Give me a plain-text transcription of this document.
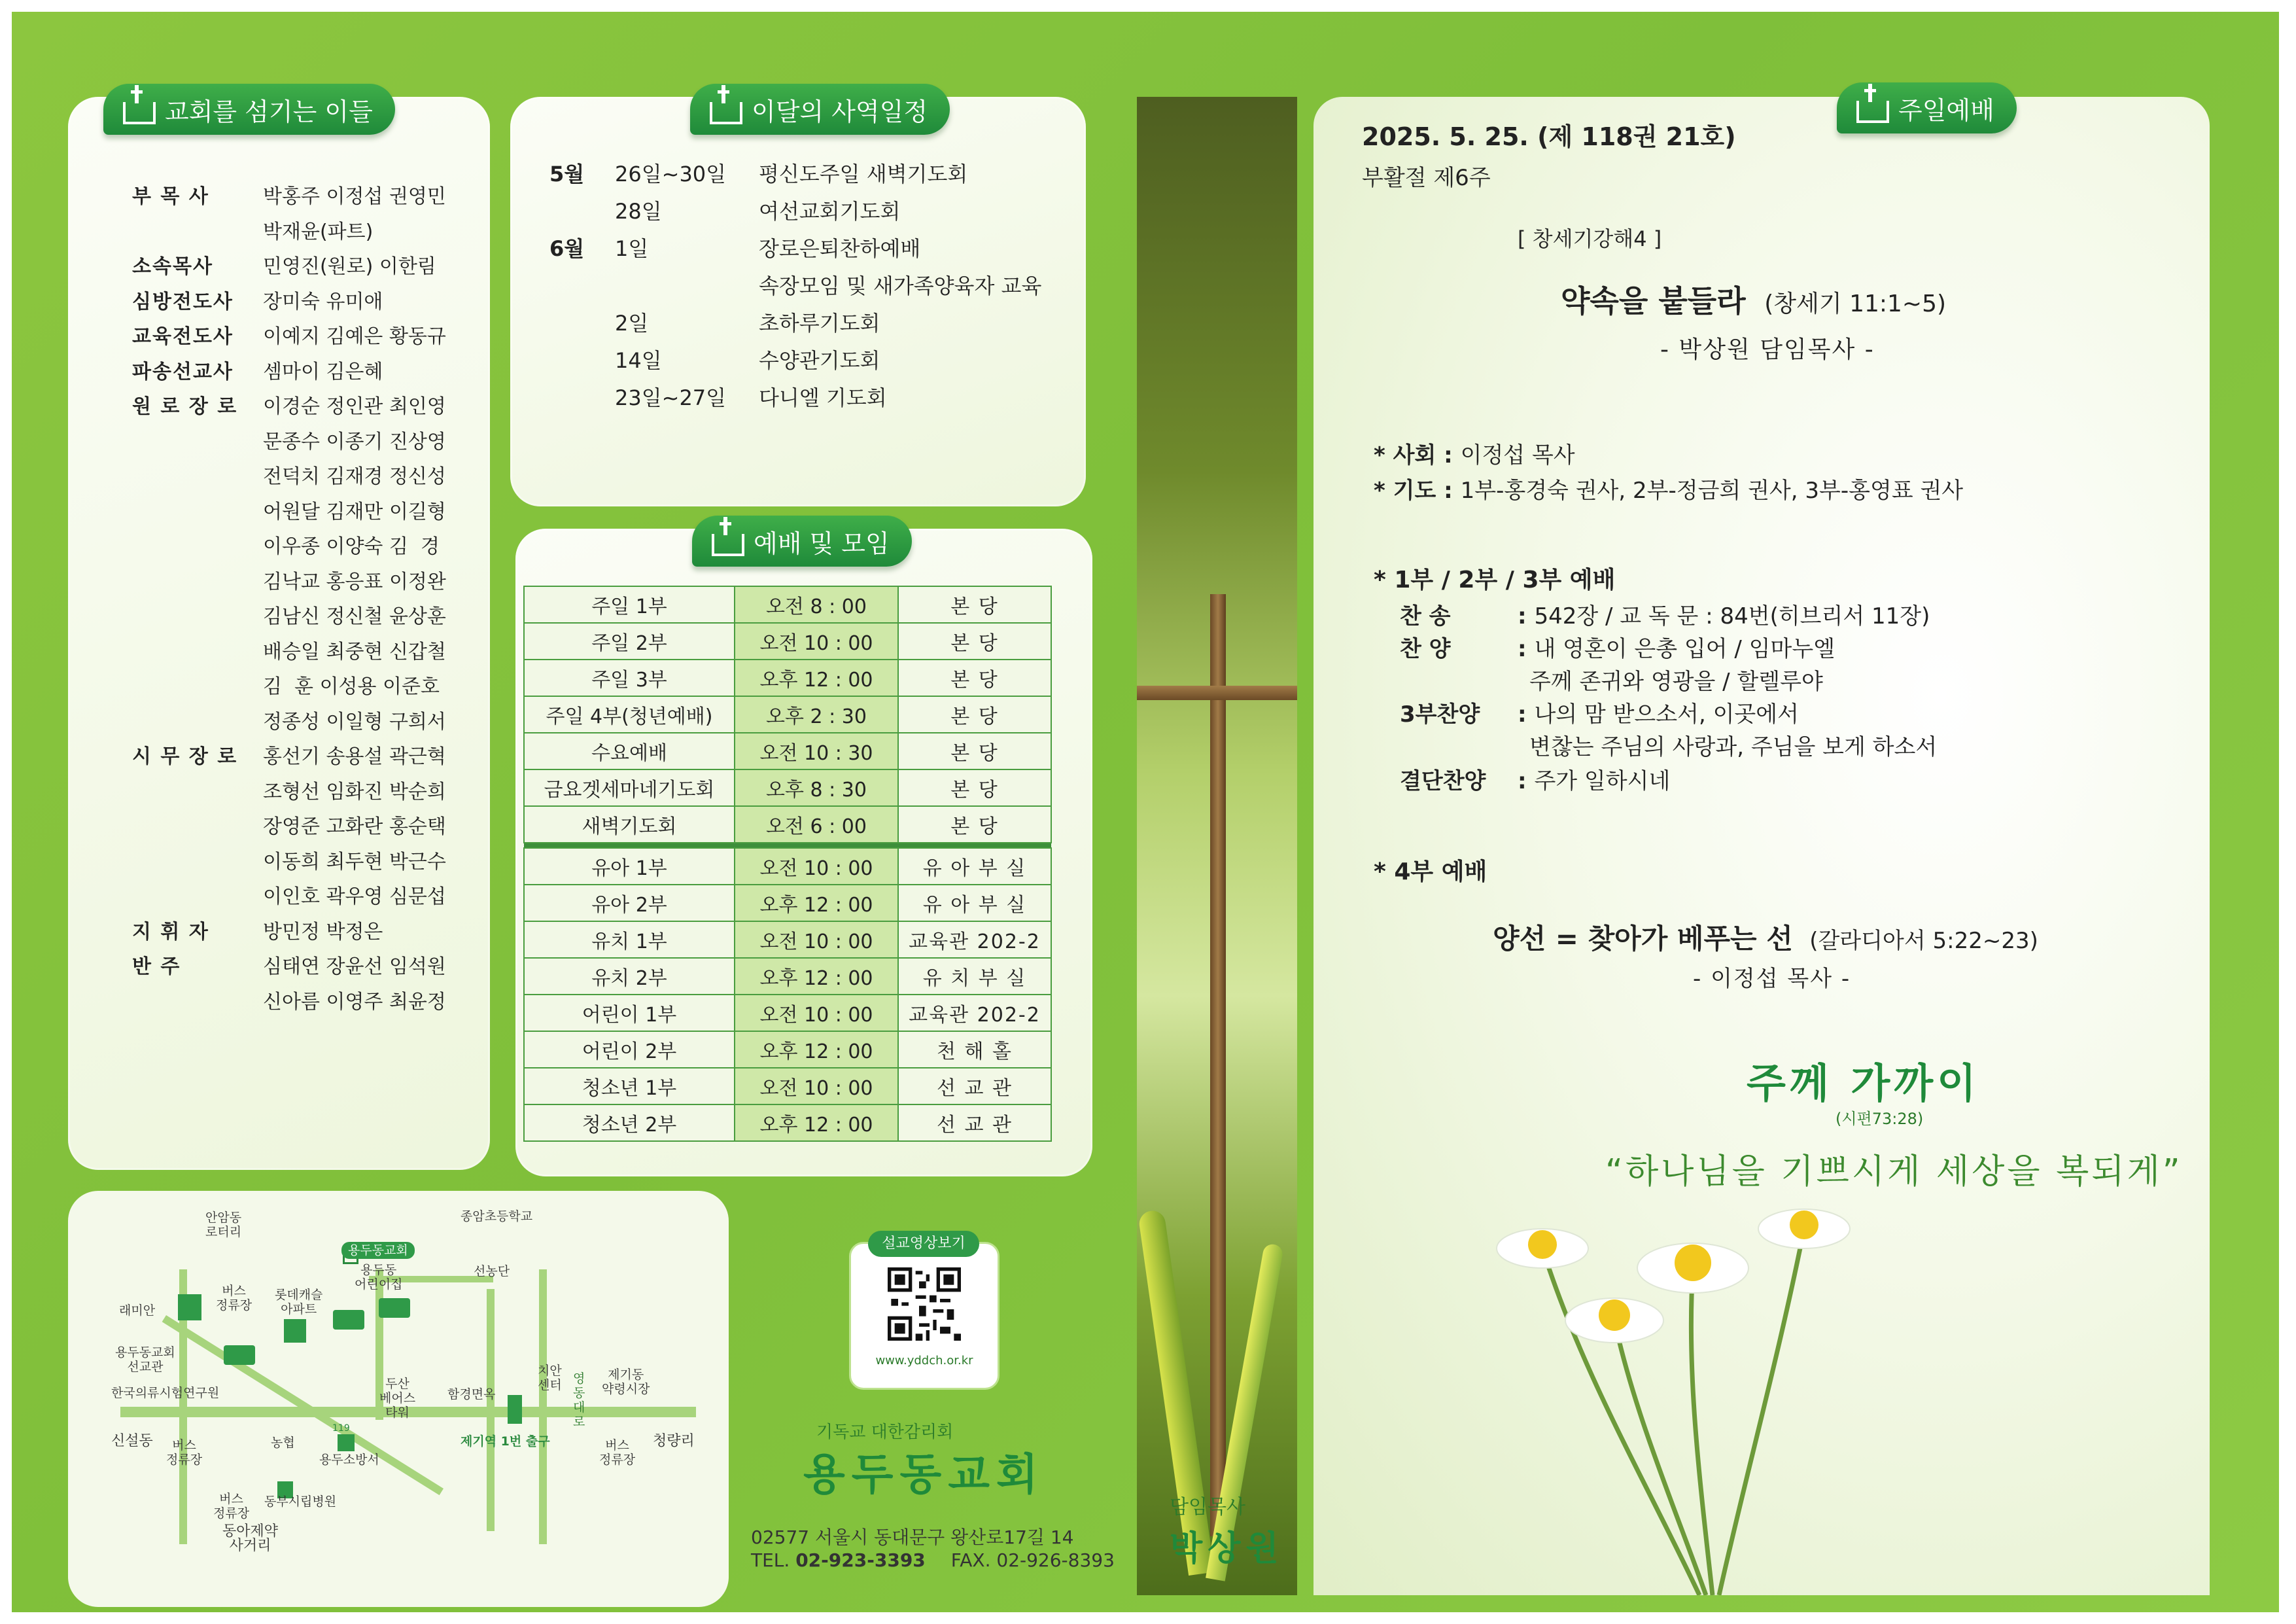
교회를 섬기는 이들
부 목 사	박홍주 이정섭 권영민
박재윤(파트)
소속목사	민영진(원로) 이한림
심방전도사	장미숙 유미애
교육전도사	이예지 김예은 황동규
파송선교사	셈마이 김은혜
원 로 장 로	이경순 정인관 최인영
문종수 이종기 진상영
전덕치 김재경 정신성
어원달 김재만 이길형
이우종 이양숙 김  경
김낙교 홍응표 이정완
김남신 정신철 윤상훈
배승일 최중현 신갑철
김  훈 이성용 이준호
정종성 이일형 구희서
시 무 장 로	홍선기 송용설 곽근혁
조형선 임화진 박순희
장영준 고화란 홍순택
이동희 최두현 박근수
이인호 곽우영 심문섭
지 휘 자	방민정 박정은
반 주	심태연 장윤선 임석원
신아름 이영주 최윤정
이달의 사역일정
5월	26일~30일	평신도주일 새벽기도회
28일	여선교회기도회
6월	1일	장로은퇴찬하예배
속장모임 및 새가족양육자 교육
2일	초하루기도회
14일	수양관기도회
23일~27일	다니엘 기도회
예배 및 모임
주일 1부	오전 8 : 00	본 당
주일 2부	오전 10 : 00	본 당
주일 3부	오후 12 : 00	본 당
주일 4부(청년예배)	오후 2 : 30	본 당
수요예배	오전 10 : 30	본 당
금요겟세마네기도회	오후 8 : 30	본 당
새벽기도회	오전 6 : 00	본 당

유아 1부	오전 10 : 00	유 아 부 실
유아 2부	오후 12 : 00	유 아 부 실
유치 1부	오전 10 : 00	교육관 202-2
유치 2부	오후 12 : 00	유 치 부 실
어린이 1부	오전 10 : 00	교육관 202-2
어린이 2부	오후 12 : 00	천 해 홀
청소년 1부	오전 10 : 00	선 교 관
청소년 2부	오후 12 : 00	선 교 관
안암동
로터리
용두동교회
종암초등학교
선농단
래미안
버스
정류장
롯데캐슬
아파트
용두동
어린이집
용두동교회
선교관
한국의류시험연구원
두산
베어스
타워
함경면옥
치안
센터 영
동
대
로
제기동
약령시장
신설동	버스
정류장
농협
119
용두소방서
제기역 1번 출구	버스
정류장
청량리
버스
정류장
동부시립병원
동아제약
사거리
설교영상보기
www.yddch.or.kr
기독교 대한감리회
용두동교회
02577 서울시 동대문구 왕산로17길 14
TEL. 02-923-3393 FAX. 02-926-8393
담임목사
박상원
주일예배
2025. 5. 25. (제 118권 21호)
부활절 제6주
[ 창세기강해4 ]
약속을 붙들라 (창세기 11:1~5)
- 박상원 담임목사 -
* 사회 : 이정섭 목사
* 기도 : 1부-홍경숙 권사, 2부-정금희 권사, 3부-홍영표 권사
* 1부 / 2부 / 3부 예배
찬 송	: 542장 / 교 독 문 : 84번(히브리서 11장)
찬 양	: 내 영혼이 은총 입어 / 임마누엘
주께 존귀와 영광을 / 할렐루야
3부찬양 : 나의 맘 받으소서, 이곳에서
변찮는 주님의 사랑과, 주님을 보게 하소서
결단찬양 : 주가 일하시네
* 4부 예배
양선 = 찾아가 베푸는 선 (갈라디아서 5:22~23)
- 이정섭 목사 -
주께 가까이
(시편73:28)
“하나님을 기쁘시게 세상을 복되게”
